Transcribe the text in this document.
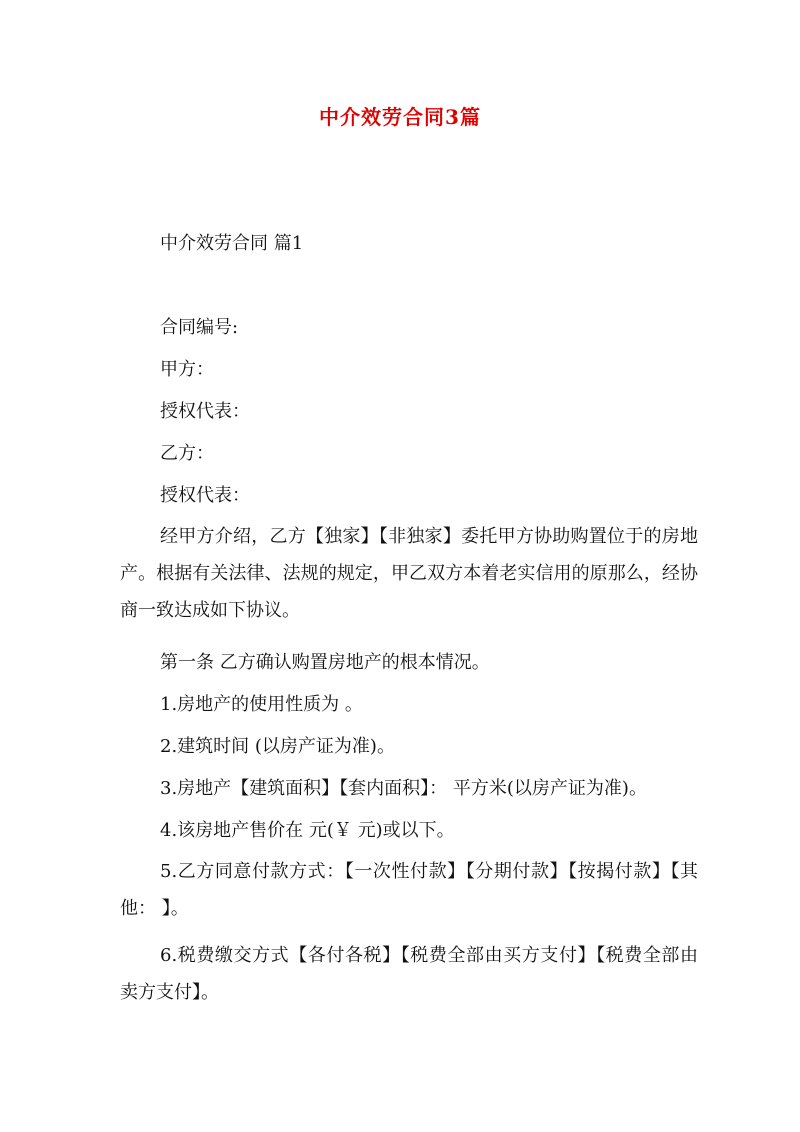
中介效劳合同3篇
中介效劳合同 篇1
合同编号:
甲方：
授权代表：
乙方：
授权代表：
经甲方介绍，乙方【独家】【非独家】委托甲方协助购置位于的房地产。根据有关法律、法规的规定，甲乙双方本着老实信用的原那么，经协商一致达成如下协议。
第一条 乙方确认购置房地产的根本情况。
1.房地产的使用性质为 。
2.建筑时间 (以房产证为准)。
3.房地产【建筑面积】【套内面积】： 平方米(以房产证为准)。
4.该房地产售价在 元(￥ 元)或以下。
5.乙方同意付款方式：【一次性付款】【分期付款】【按揭付款】【其他： 】。
6.税费缴交方式【各付各税】【税费全部由买方支付】【税费全部由卖方支付】。
